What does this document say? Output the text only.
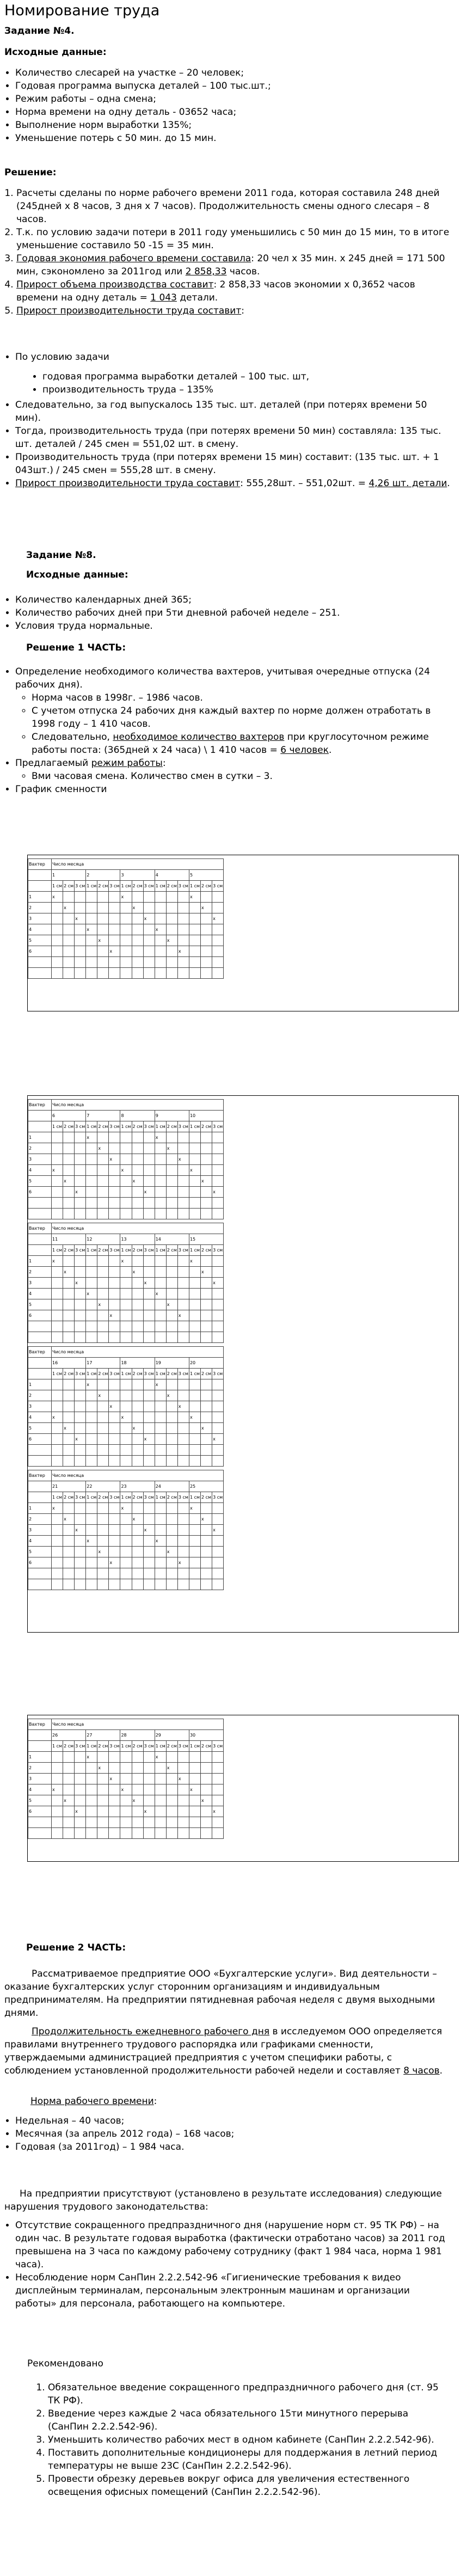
Номирование труда

Задание №4.

Исходные данные:

• Количество слесарей на участке – 20 человек;
• Годовая программа выпуска деталей – 100 тыс.шт.;
• Режим работы – одна смена;
• Норма времени на одну деталь - 03652 часа;
• Выполнение норм выработки 135%;
• Уменьшение потерь с 50 мин. до 15 мин.

Решение:

1. Расчеты сделаны по норме рабочего времени 2011 года, которая составила 248 дней (245дней х 8 часов, 3 дня х 7 часов). Продолжительность смены одного слесаря – 8 часов.
2. Т.к. по условию задачи потери в 2011 году уменьшились с 50 мин до 15 мин, то в итоге уменьшение составило 50 -15 = 35 мин.
3. Годовая экономия рабочего времени составила: 20 чел х 35 мин. х 245 дней = 171 500 мин, сэкономлено за 2011год или 2 858,33 часов.
4. Прирост объема производства составит: 2 858,33 часов экономии х 0,3652 часов времени на одну деталь = 1 043 детали.
5. Прирост производительности труда составит:
• По условию задачи
• годовая программа выработки деталей – 100 тыс. шт,
• производительность труда – 135%
• Следовательно, за год выпускалось 135 тыс. шт. деталей (при потерях времени 50 мин).
• Тогда, производительность труда (при потерях времени 50 мин) составляла: 135 тыс. шт. деталей / 245 смен = 551,02 шт. в смену.
• Производительность труда (при потерях времени 15 мин) составит: (135 тыс. шт. + 1 043шт.) / 245 смен = 555,28 шт. в смену.
• Прирост производительности труда составит: 555,28шт. – 551,02шт. = 4,26 шт. детали.

Задание №8.

Исходные данные:

• Количество календарных дней 365;
• Количество рабочих дней при 5ти дневной рабочей неделе – 251.
• Условия труда нормальные.

Решение 1 ЧАСТЬ:

• Определение необходимого количества вахтеров, учитывая очередные отпуска (24 рабочих дня).
◦ Норма часов в 1998г. – 1986 часов.
◦ С учетом отпуска 24 рабочих дня каждый вахтер по норме должен отработать в 1998 году – 1 410 часов.
◦ Следовательно, необходимое количество вахтеров при круглосуточном режиме работы поста: (365дней х 24 часа) \ 1 410 часов = 6 человек.
• Предлагаемый режим работы:
◦ Вми часовая смена. Количество смен в сутки – 3.
• График сменности
Вахтер	Число месяца														
	1			2			3			4			5		
	1 см	2 см	3 см	1 см	2 см	3 см	1 см	2 см	3 см	1 см	2 см	3 см	1 см	2 см	3 см
1	х						х						х		
2		х						х						х	
3			х						х						х
4				х						х					
5					х						х				
6						х						х			

Вахтер	Число месяца														
	6			7			8			9			10		
	1 см	2 см	3 см	1 см	2 см	3 см	1 см	2 см	3 см	1 см	2 см	3 см	1 см	2 см	3 см
1				х						х					
2					х						х				
3						х						х			
4	х						х						х		
5		х						х						х	
6			х						х						х

Вахтер	Число месяца														
	11			12			13			14			15		
	1 см	2 см	3 см	1 см	2 см	3 см	1 см	2 см	3 см	1 см	2 см	3 см	1 см	2 см	3 см
1	х						х						х		
2		х						х						х	
3			х						х						х
4				х						х					
5					х						х				
6						х						х			

Вахтер	Число месяца														
	16			17			18			19			20		
	1 см	2 см	3 см	1 см	2 см	3 см	1 см	2 см	3 см	1 см	2 см	3 см	1 см	2 см	3 см
1				х						х					
2					х						х				
3						х						х			
4	х						х						х		
5		х						х						х	
6			х						х						х

Вахтер	Число месяца														
	21			22			23			24			25		
	1 см	2 см	3 см	1 см	2 см	3 см	1 см	2 см	3 см	1 см	2 см	3 см	1 см	2 см	3 см
1	х						х						х		
2		х						х						х	
3			х						х						х
4				х						х					
5					х						х				
6						х						х			

Вахтер	Число месяца														
	26			27			28			29			30		
	1 см	2 см	3 см	1 см	2 см	3 см	1 см	2 см	3 см	1 см	2 см	3 см	1 см	2 см	3 см
1				х						х					
2					х						х				
3						х						х			
4	х						х						х		
5		х						х						х	
6			х						х						х

Решение 2 ЧАСТЬ:

Рассматриваемое предприятие ООО «Бухгалтерские услуги». Вид деятельности – оказание бухгалтерских услуг сторонним организациям и индивидуальным предпринимателям. На предприятии пятидневная рабочая неделя с двумя выходными днями.

Продолжительность ежедневного рабочего дня в исследуемом ООО определяется правилами внутреннего трудового распорядка или графиками сменности, утверждаемыми администрацией предприятия с учетом специфики работы, с соблюдением установленной продолжительности рабочей недели и составляет 8 часов.

Норма рабочего времени:

• Недельная – 40 часов;
• Месячная (за апрель 2012 года) – 168 часов;
• Годовая (за 2011год) – 1 984 часа.

На предприятии присутствуют (установлено в результате исследования) следующие нарушения трудового законодательства:

• Отсутствие сокращенного предпраздничного дня (нарушение норм ст. 95 ТК РФ) – на один час. В результате годовая выработка (фактически отработано часов) за 2011 год превышена на 3 часа по каждому рабочему сотруднику (факт 1 984 часа, норма 1 981 часа).
• Несоблюдение норм СанПин 2.2.2.542-96 «Гигиенические требования к видео дисплейным терминалам, персональным электронным машинам и организации работы» для персонала, работающего на компьютере.

Рекомендовано

1. Обязательное введение сокращенного предпраздничного рабочего дня (ст. 95 ТК РФ).
2. Введение через каждые 2 часа обязательного 15ти минутного перерыва (СанПин 2.2.2.542-96).
3. Уменьшить количество рабочих мест в одном кабинете (СанПин 2.2.2.542-96).
4. Поставить дополнительные кондиционеры для поддержания в летний период температуры не выше 23С (СанПин 2.2.2.542-96).
5. Провести обрезку деревьев вокруг офиса для увеличения естественного освещения офисных помещений (СанПин 2.2.2.542-96).
